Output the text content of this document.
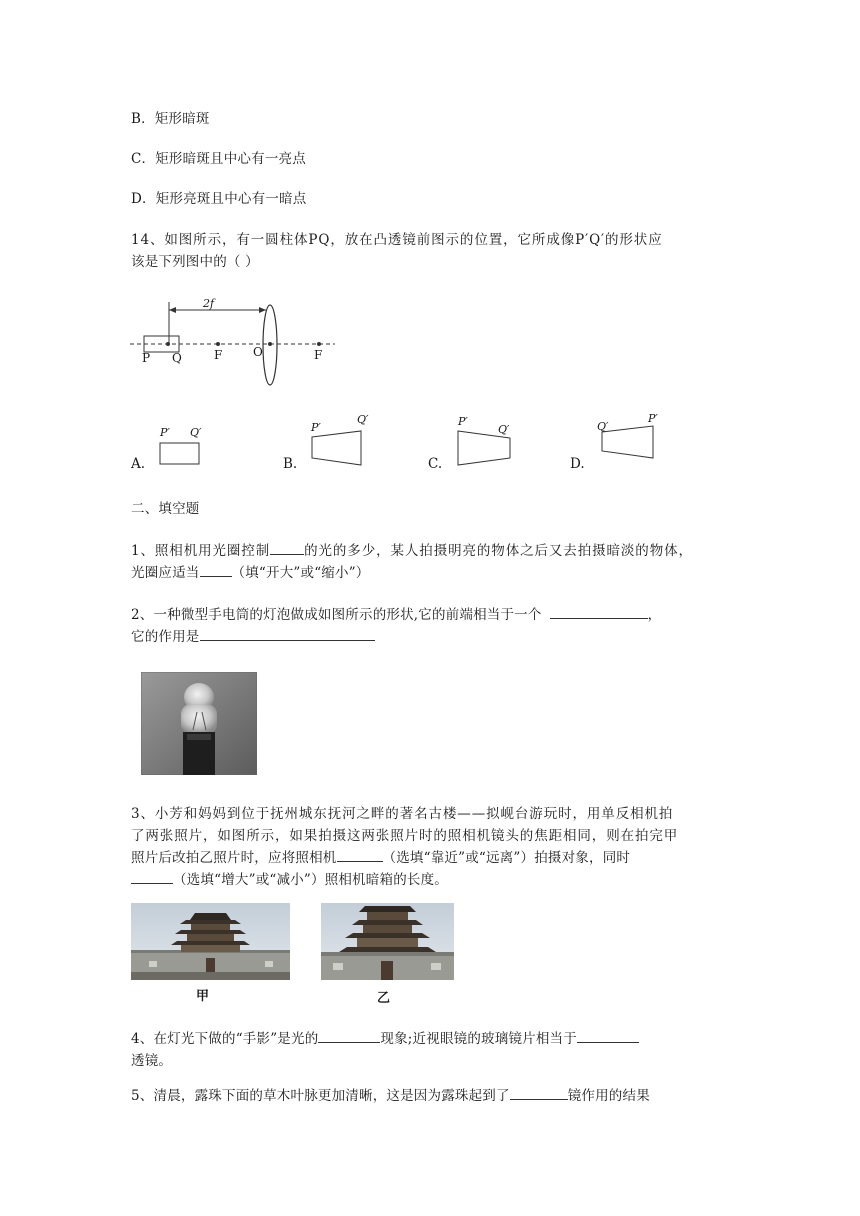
B．矩形暗斑
C．矩形暗斑且中心有一亮点
D．矩形亮斑且中心有一暗点
14、如图所示，有一圆柱体PQ，放在凸透镜前图示的位置，它所成像P′Q′的形状应
该是下列图中的（ ）
2f
P Q	F	O	F
A.
P′ Q′
B.
P′
Q′
C.
P′
Q′
D.
Q′
P′
二、填空题
1、照相机用光圈控制	的光的多少，某人拍摄明亮的物体之后又去拍摄暗淡的物体，
光圈应适当 （填“开大”或“缩小”）
2、一种微型手电筒的灯泡做成如图所示的形状,它的前端相当于一个	，
它的作用是
3、小芳和妈妈到位于抚州城东抚河之畔的著名古楼——拟岘台游玩时，用单反相机拍
了两张照片，如图所示，如果拍摄这两张照片时的照相机镜头的焦距相同，则在拍完甲
照片后改拍乙照片时，应将照相机	（选填“靠近”或“远离”）拍摄对象，同时
（选填“增大”或“减小”）照相机暗箱的长度。
甲	乙
4、在灯光下做的“手影”是光的	现象;近视眼镜的玻璃镜片相当于
透镜。
5、清晨，露珠下面的草木叶脉更加清晰，这是因为露珠起到了	镜作用的结果
